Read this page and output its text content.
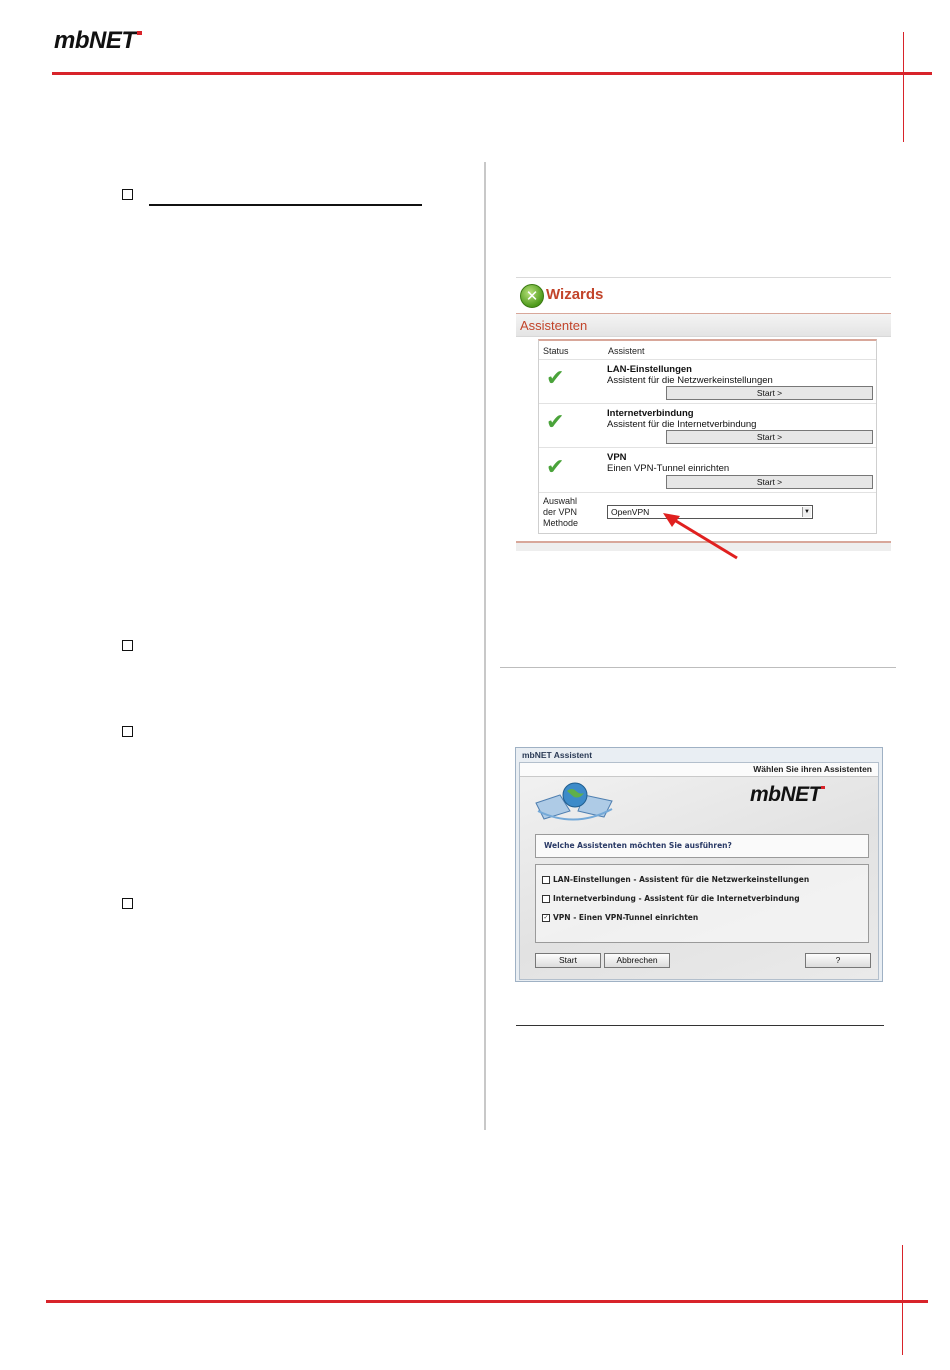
mbNET
✕ Wizards
Assistenten
Status	Assistent
✔	LAN-Einstellungen
Assistent für die Netzwerkeinstellungen
Start >
✔	Internetverbindung
Assistent für die Internetverbindung
Start >
✔	VPN
Einen VPN-Tunnel einrichten
Start >
Auswahl
der VPN
Methode
OpenVPN	▼
mbNET Assistent
Wählen Sie ihren Assistenten
mbNET
Welche Assistenten möchten Sie ausführen?
LAN-Einstellungen - Assistent für die Netzwerkeinstellungen
Internetverbindung - Assistent für die Internetverbindung
✓ VPN - Einen VPN-Tunnel einrichten
Start	Abbrechen	?
